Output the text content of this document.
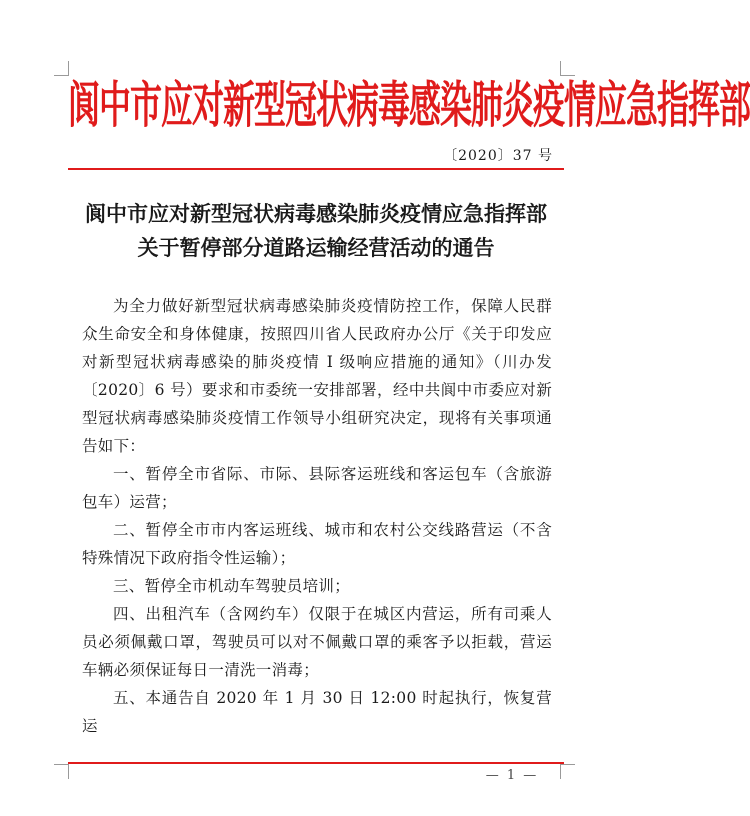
阆中市应对新型冠状病毒感染肺炎疫情应急指挥部
〔2020〕37 号
阆中市应对新型冠状病毒感染肺炎疫情应急指挥部
关于暂停部分道路运输经营活动的通告

为全力做好新型冠状病毒感染肺炎疫情防控工作，保障人民群众生命安全和身体健康，按照四川省人民政府办公厅《关于印发应对新型冠状病毒感染的肺炎疫情 I 级响应措施的通知》（川办发〔2020〕6 号）要求和市委统一安排部署，经中共阆中市委应对新型冠状病毒感染肺炎疫情工作领导小组研究决定，现将有关事项通告如下：

一、暂停全市省际、市际、县际客运班线和客运包车（含旅游包车）运营；

二、暂停全市市内客运班线、城市和农村公交线路营运（不含特殊情况下政府指令性运输）；

三、暂停全市机动车驾驶员培训；

四、出租汽车（含网约车）仅限于在城区内营运，所有司乘人员必须佩戴口罩，驾驶员可以对不佩戴口罩的乘客予以拒载，营运车辆必须保证每日一清洗一消毒；

五、本通告自 2020 年 1 月 30 日 12:00 时起执行，恢复营运

— 1 —
